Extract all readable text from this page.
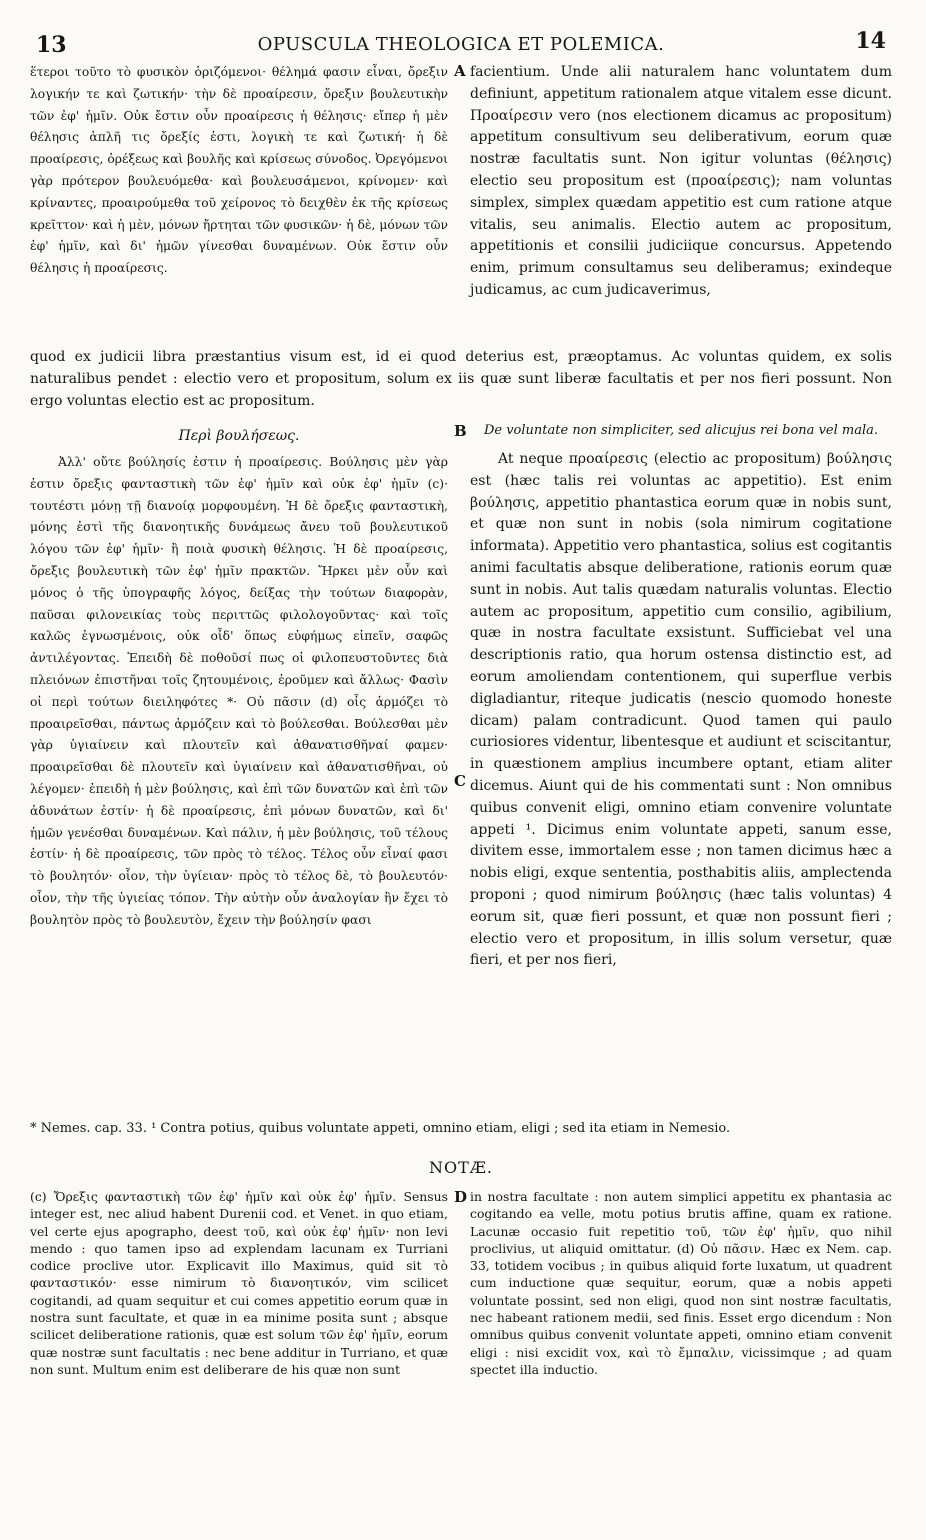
13	OPUSCULA THEOLOGICA ET POLEMICA.	14

ἕτεροι τοῦτο τὸ φυσικὸν ὁριζόμενοι· θέλημά φασιν εἶναι, ὄρεξιν λογικήν τε καὶ ζωτικήν· τὴν δὲ προαίρεσιν, ὄρεξιν βουλευτικὴν τῶν ἐφ' ἡμῖν. Οὐκ ἔστιν οὖν προαίρεσις ἡ θέλησις· εἴπερ ἡ μὲν θέλησις ἁπλῆ τις ὄρεξίς ἐστι, λογικὴ τε καὶ ζωτική· ἡ δὲ προαίρεσις, ὀρέξεως καὶ βουλῆς καὶ κρίσεως σύνοδος. Ὀρεγόμενοι γὰρ πρότερον βουλευόμεθα· καὶ βουλευσάμενοι, κρίνομεν· καὶ κρίναντες, προαιρούμεθα τοῦ χείρονος τὸ δειχθὲν ἐκ τῆς κρίσεως κρεῖττον· καὶ ἡ μὲν, μόνων ἤρτηται τῶν φυσικῶν· ἡ δὲ, μόνων τῶν ἐφ' ἡμῖν, καὶ δι' ἡμῶν γίνεσθαι δυναμένων. Οὐκ ἔστιν οὖν θέλησις ἡ προαίρεσις.

A facientium. Unde alii naturalem hanc voluntatem dum definiunt, appetitum rationalem atque vitalem esse dicunt. Προαίρεσιν vero (nos electionem dicamus ac propositum) appetitum consultivum seu deliberativum, eorum quæ nostræ facultatis sunt. Non igitur voluntas (θέλησις) electio seu propositum est (προαίρεσις); nam voluntas simplex, simplex quædam appetitio est cum ratione atque vitalis, seu animalis. Electio autem ac propositum, appetitionis et consilii judiciique concursus. Appetendo enim, primum consultamus seu deliberamus; exindeque judicamus, ac cum judicaverimus,

quod ex judicii libra præstantius visum est, id ei quod deterius est, præoptamus. Ac voluntas quidem, ex solis naturalibus pendet : electio vero et propositum, solum ex iis quæ sunt liberæ facultatis et per nos fieri possunt. Non ergo voluntas electio est ac propositum.

Περὶ βουλήσεως.

Ἀλλ' οὔτε βούλησίς ἐστιν ἡ προαίρεσις. Βούλησις μὲν γὰρ ἐστιν ὄρεξις φανταστικὴ τῶν ἐφ' ἡμῖν καὶ οὐκ ἐφ' ἡμῖν (c)· τουτέστι μόνῃ τῇ διανοίᾳ μορφουμένη. Ἡ δὲ ὄρεξις φανταστικὴ, μόνης ἐστὶ τῆς διανοητικῆς δυνάμεως ἄνευ τοῦ βουλευτικοῦ λόγου τῶν ἐφ' ἡμῖν· ἢ ποιὰ φυσικὴ θέλησις. Ἡ δὲ προαίρεσις, ὄρεξις βουλευτικὴ τῶν ἐφ' ἡμῖν πρακτῶν. Ἤρκει μὲν οὖν καὶ μόνος ὁ τῆς ὑπογραφῆς λόγος, δείξας τὴν τούτων διαφορὰν, παῦσαι φιλονεικίας τοὺς περιττῶς φιλολογοῦντας· καὶ τοῖς καλῶς ἐγνωσμένοις, οὐκ οἶδ' ὅπως εὐφήμως εἰπεῖν, σαφῶς ἀντιλέγοντας. Ἐπειδὴ δὲ ποθοῦσί πως οἱ φιλοπευστοῦντες διὰ πλειόνων ἐπιστῆναι τοῖς ζητουμένοις, ἐροῦμεν καὶ ἄλλως· Φασὶν οἱ περὶ τούτων διειληφότες *· Οὐ πᾶσιν (d) οἷς ἁρμόζει τὸ προαιρεῖσθαι, πάντως ἁρμόζειν καὶ τὸ βούλεσθαι. Βούλεσθαι μὲν γὰρ ὑγιαίνειν καὶ πλουτεῖν καὶ ἀθανατισθῆναί φαμεν· προαιρεῖσθαι δὲ πλουτεῖν καὶ ὑγιαίνειν καὶ ἀθανατισθῆναι, οὐ λέγομεν· ἐπειδὴ ἡ μὲν βούλησις, καὶ ἐπὶ τῶν δυνατῶν καὶ ἐπὶ τῶν ἀδυνάτων ἐστίν· ἡ δὲ προαίρεσις, ἐπὶ μόνων δυνατῶν, καὶ δι' ἡμῶν γενέσθαι δυναμένων. Καὶ πάλιν, ἡ μὲν βούλησις, τοῦ τέλους ἐστίν· ἡ δὲ προαίρεσις, τῶν πρὸς τὸ τέλος. Τέλος οὖν εἶναί φασι τὸ βουλητόν· οἷον, τὴν ὑγίειαν· πρὸς τὸ τέλος δὲ, τὸ βουλευτόν· οἷον, τὴν τῆς ὑγιείας τόπον. Τὴν αὐτὴν οὖν ἀναλογίαν ἣν ἔχει τὸ βουλητὸν πρὸς τὸ βουλευτὸν, ἔχειν τὴν βούλησίν φασι

B
C
De voluntate non simpliciter, sed alicujus rei bona vel mala.

At neque προαίρεσις (electio ac propositum) βούλησις est (hæc talis rei voluntas ac appetitio). Est enim βούλησις, appetitio phantastica eorum quæ in nobis sunt, et quæ non sunt in nobis (sola nimirum cogitatione informata). Appetitio vero phantastica, solius est cogitantis animi facultatis absque deliberatione, rationis eorum quæ sunt in nobis. Aut talis quædam naturalis voluntas. Electio autem ac propositum, appetitio cum consilio, agibilium, quæ in nostra facultate exsistunt. Sufficiebat vel una descriptionis ratio, qua horum ostensa distinctio est, ad eorum amoliendam contentionem, qui superflue verbis digladiantur, riteque judicatis (nescio quomodo honeste dicam) palam contradicunt. Quod tamen qui paulo curiosiores videntur, libentesque et audiunt et sciscitantur, in quæstionem amplius incumbere optant, etiam aliter dicemus. Aiunt qui de his commentati sunt : Non omnibus quibus convenit eligi, omnino etiam convenire voluntate appeti ¹. Dicimus enim voluntate appeti, sanum esse, divitem esse, immortalem esse ; non tamen dicimus hæc a nobis eligi, exque sententia, posthabitis aliis, amplectenda proponi ; quod nimirum βούλησις (hæc talis voluntas) 4 eorum sit, quæ fieri possunt, et quæ non possunt fieri ; electio vero et propositum, in illis solum versetur, quæ fieri, et per nos fieri,

* Nemes. cap. 33. ¹ Contra potius, quibus voluntate appeti, omnino etiam, eligi ; sed ita etiam in Nemesio.

NOTÆ.

(c) Ὄρεξις φανταστικὴ τῶν ἐφ' ἡμῖν καὶ οὐκ ἐφ' ἡμῖν. Sensus integer est, nec aliud habent Durenii cod. et Venet. in quo etiam, vel certe ejus apographo, deest τοῦ, καὶ οὐκ ἐφ' ἡμῖν· non levi mendo : quo tamen ipso ad explendam lacunam ex Turriani codice proclive utor. Explicavit illo Maximus, quid sit τὸ φανταστικόν· esse nimirum τὸ διανοητικόν, vim scilicet cogitandi, ad quam sequitur et cui comes appetitio eorum quæ in nostra sunt facultate, et quæ in ea minime posita sunt ; absque scilicet deliberatione rationis, quæ est solum τῶν ἐφ' ἡμῖν, eorum quæ nostræ sunt facultatis : nec bene additur in Turriano, et quæ non sunt. Multum enim est deliberare de his quæ non sunt

D in nostra facultate : non autem simplici appetitu ex phantasia ac cogitando ea velle, motu potius brutis affine, quam ex ratione. Lacunæ occasio fuit repetitio τοῦ, τῶν ἐφ' ἡμῖν, quo nihil proclivius, ut aliquid omittatur. (d) Οὐ πᾶσιν. Hæc ex Nem. cap. 33, totidem vocibus ; in quibus aliquid forte luxatum, ut quadrent cum inductione quæ sequitur, eorum, quæ a nobis appeti voluntate possint, sed non eligi, quod non sint nostræ facultatis, nec habeant rationem medii, sed finis. Esset ergo dicendum : Non omnibus quibus convenit voluntate appeti, omnino etiam convenit eligi : nisi excidit vox, καὶ τὸ ἔμπαλιν, vicissimque ; ad quam spectet illa inductio.
